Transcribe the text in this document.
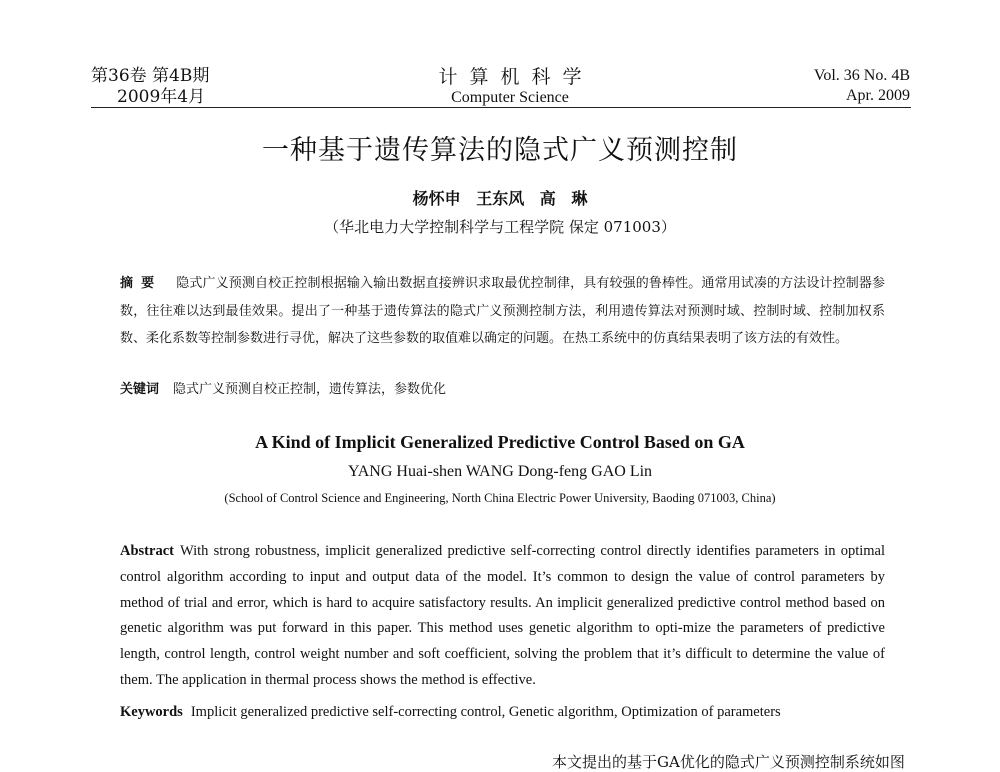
第36卷 第4B期
2009年4月
计算机科学
Computer Science
Vol. 36 No. 4B
Apr. 2009
一种基于遗传算法的隐式广义预测控制
杨怀申 王东风 高 琳
（华北电力大学控制科学与工程学院 保定 071003）
摘要 隐式广义预测自校正控制根据输入输出数据直接辨识求取最优控制律，具有较强的鲁棒性。通常用试凑的方法设计控制器参数，往往难以达到最佳效果。提出了一种基于遗传算法的隐式广义预测控制方法，利用遗传算法对预测时域、控制时域、控制加权系数、柔化系数等控制参数进行寻优，解决了这些参数的取值难以确定的问题。在热工系统中的仿真结果表明了该方法的有效性。
关键词 隐式广义预测自校正控制，遗传算法，参数优化
A Kind of Implicit Generalized Predictive Control Based on GA
YANG Huai-shen WANG Dong-feng GAO Lin
(School of Control Science and Engineering, North China Electric Power University, Baoding 071003, China)
Abstract With strong robustness, implicit generalized predictive self-correcting control directly identifies parameters in optimal control algorithm according to input and output data of the model. It’s common to design the value of control parameters by method of trial and error, which is hard to acquire satisfactory results. An implicit generalized predictive control method based on genetic algorithm was put forward in this paper. This method uses genetic algorithm to opti-mize the parameters of predictive length, control length, control weight number and soft coefficient, solving the problem that it’s difficult to determine the value of them. The application in thermal process shows the method is effective.
Keywords Implicit generalized predictive self-correcting control, Genetic algorithm, Optimization of parameters
本文提出的基于GA优化的隐式广义预测控制系统如图
